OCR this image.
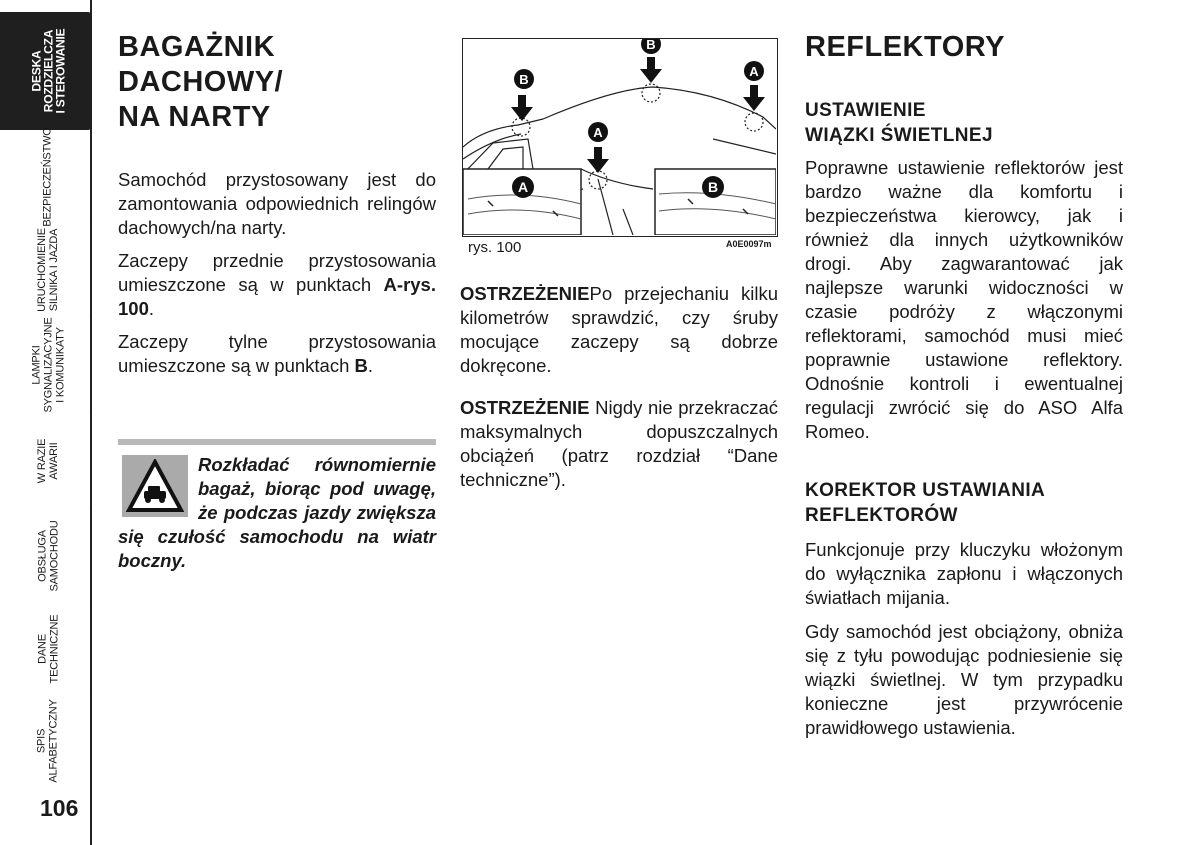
DESKA
ROZDZIELCZA
I STEROWANIE
BEZPIECZEŃSTWO
URUCHOMIENIE
SILNIKA I JAZDA
LAMPKI
SYGNALIZACYJNE
I KOMUNIKATY
W RAZIE
AWARII
OBSŁUGA
SAMOCHODU
DANE
TECHNICZNE
SPIS
ALFABETYCZNY
106
BAGAŻNIK
DACHOWY/
NA NARTY

Samochód przystosowany jest do zamontowania odpowiednich relingów dachowych/na narty.

Zaczepy przednie przystosowania umieszczone są w punktach A-rys. 100.

Zaczepy tylne przystosowania umieszczone są w punktach B.

Rozkładać równomiernie bagaż, biorąc pod uwagę, że podczas jazdy zwiększa się czułość samochodu na wiatr boczny.
B
B
A
A
A	B
rys. 100	A0E0097m

OSTRZEŻENIEPo przejechaniu kilku kilometrów sprawdzić, czy śruby mocujące zaczepy są dobrze dokręcone.

OSTRZEŻENIE Nigdy nie przekraczać maksymalnych dopuszczalnych obciążeń (patrz rozdział “Dane techniczne”).

REFLEKTORY
USTAWIENIE
WIĄZKI ŚWIETLNEJ

Poprawne ustawienie reflektorów jest bardzo ważne dla komfortu i bezpieczeństwa kierowcy, jak i również dla innych użytkowników drogi. Aby zagwarantować jak najlepsze warunki widoczności w czasie podróży z włączonymi reflektorami, samochód musi mieć poprawnie ustawione reflektory. Odnośnie kontroli i ewentualnej regulacji zwrócić się do ASO Alfa Romeo.

KOREKTOR USTAWIANIA
REFLEKTORÓW

Funkcjonuje przy kluczyku włożonym do wyłącznika zapłonu i włączonych światłach mijania.

Gdy samochód jest obciążony, obniża się z tyłu powodując podniesienie się wiązki świetlnej. W tym przypadku konieczne jest przywrócenie prawidłowego ustawienia.
